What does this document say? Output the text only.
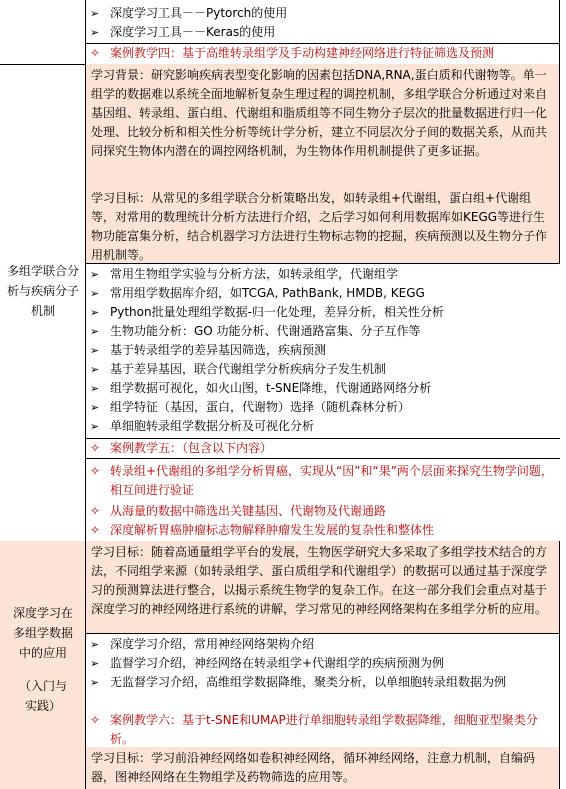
➢ 深度学习工具－－Pytorch的使用
➢ 深度学习工具－－Keras的使用
✧ 案例教学四：基于高维转录组学及手动构建神经网络进行特征筛选及预测

学习背景：研究影响疾病表型变化影响的因素包括DNA,RNA,蛋白质和代谢物等。单一组学的数据难以系统全面地解析复杂生理过程的调控机制，多组学联合分析通过对来自基因组、转录组、蛋白组、代谢组和脂质组等不同生物分子层次的批量数据进行归一化处理、比较分析和相关性分析等统计学分析，建立不同层次分子间的数据关系，从而共同探究生物体内潜在的调控网络机制，为生物体作用机制提供了更多证据。

学习目标：从常见的多组学联合分析策略出发，如转录组+代谢组，蛋白组+代谢组等，对常用的数理统计分析方法进行介绍，之后学习如何利用数据库如KEGG等进行生物功能富集分析，结合机器学习方法进行生物标志物的挖掘，疾病预测以及生物分子作用机制等。

多组学联合分析与疾病分子机制
➢ 常用生物组学实验与分析方法，如转录组学，代谢组学
➢ 常用组学数据库介绍，如TCGA, PathBank, HMDB, KEGG
➢ Python批量处理组学数据-归一化处理，差异分析，相关性分析
➢ 生物功能分析：GO 功能分析、代谢通路富集、分子互作等
➢ 基于转录组学的差异基因筛选，疾病预测
➢ 基于差异基因，联合代谢组学分析疾病分子发生机制
➢ 组学数据可视化，如火山图，t-SNE降维，代谢通路网络分析
➢ 组学特征（基因，蛋白，代谢物）选择（随机森林分析）
➢ 单细胞转录组学数据分析及可视化分析
✧ 案例教学五：（包含以下内容）
✧ 转录组+代谢组的多组学分析胃癌，实现从“因”和“果”两个层面来探究生物学问题，相互间进行验证
✧ 从海量的数据中筛选出关键基因、代谢物及代谢通路
✧ 深度解析胃癌肿瘤标志物解释肿瘤发生发展的复杂性和整体性

学习目标：随着高通量组学平台的发展，生物医学研究大多采取了多组学技术结合的方法，不同组学来源（如转录组学、蛋白质组学和代谢组学）的数据可以通过基于深度学习的预测算法进行整合，以揭示系统生物学的复杂工作。在这一部分我们会重点对基于深度学习的神经网络进行系统的讲解，学习常见的神经网络架构在多组学分析的应用。

深度学习在多组学数据中的应用
（入门与实践）
➢ 深度学习介绍，常用神经网络架构介绍
➢ 监督学习介绍，神经网络在转录组学+代谢组学的疾病预测为例
➢ 无监督学习介绍，高维组学数据降维，聚类分析，以单细胞转录组数据为例
✧ 案例教学六：基于t-SNE和UMAP进行单细胞转录组学数据降维，细胞亚型聚类分析。

学习目标：学习前沿神经网络如卷积神经网络，循环神经网络，注意力机制，自编码器，图神经网络在生物组学及药物筛选的应用等。
